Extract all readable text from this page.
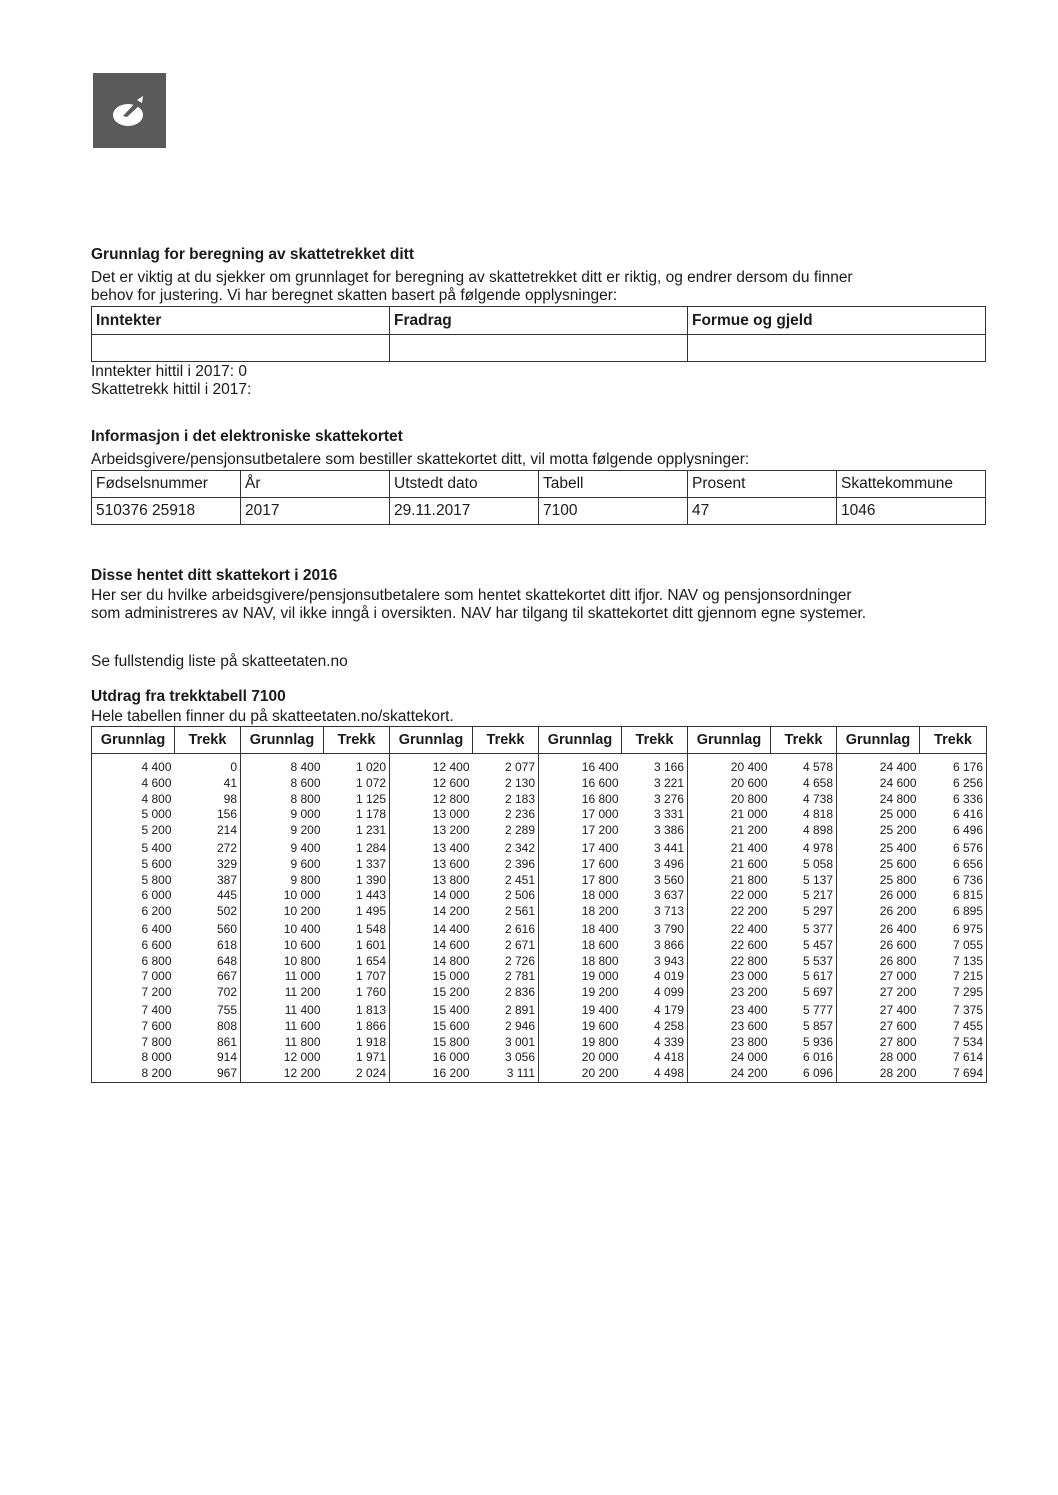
Grunnlag for beregning av skattetrekket ditt

Det er viktig at du sjekker om grunnlaget for beregning av skattetrekket ditt er riktig, og endrer dersom du finner

behov for justering. Vi har beregnet skatten basert på følgende opplysninger:

Inntekter	Fradrag	Formue og gjeld

Inntekter hittil i 2017: 0

Skattetrekk hittil i 2017:

Informasjon i det elektroniske skattekortet

Arbeidsgivere/pensjonsutbetalere som bestiller skattekortet ditt, vil motta følgende opplysninger:

Fødselsnummer	År	Utstedt dato	Tabell	Prosent	Skattekommune
510376 25918	2017	29.11.2017	7100	47	1046
Disse hentet ditt skattekort i 2016

Her ser du hvilke arbeidsgivere/pensjonsutbetalere som hentet skattekortet ditt ifjor. NAV og pensjonsordninger

som administreres av NAV, vil ikke inngå i oversikten. NAV har tilgang til skattekortet ditt gjennom egne systemer.

Se fullstendig liste på skatteetaten.no

Utdrag fra trekktabell 7100

Hele tabellen finner du på skatteetaten.no/skattekort.

Grunnlag	Trekk	Grunnlag	Trekk	Grunnlag	Trekk	Grunnlag	Trekk	Grunnlag	Trekk	Grunnlag	Trekk
4 400	0	8 400	1 020	12 400	2 077	16 400	3 166	20 400	4 578	24 400	6 176
4 600	41	8 600	1 072	12 600	2 130	16 600	3 221	20 600	4 658	24 600	6 256
4 800	98	8 800	1 125	12 800	2 183	16 800	3 276	20 800	4 738	24 800	6 336
5 000	156	9 000	1 178	13 000	2 236	17 000	3 331	21 000	4 818	25 000	6 416
5 200	214	9 200	1 231	13 200	2 289	17 200	3 386	21 200	4 898	25 200	6 496
5 400	272	9 400	1 284	13 400	2 342	17 400	3 441	21 400	4 978	25 400	6 576
5 600	329	9 600	1 337	13 600	2 396	17 600	3 496	21 600	5 058	25 600	6 656
5 800	387	9 800	1 390	13 800	2 451	17 800	3 560	21 800	5 137	25 800	6 736
6 000	445	10 000	1 443	14 000	2 506	18 000	3 637	22 000	5 217	26 000	6 815
6 200	502	10 200	1 495	14 200	2 561	18 200	3 713	22 200	5 297	26 200	6 895
6 400	560	10 400	1 548	14 400	2 616	18 400	3 790	22 400	5 377	26 400	6 975
6 600	618	10 600	1 601	14 600	2 671	18 600	3 866	22 600	5 457	26 600	7 055
6 800	648	10 800	1 654	14 800	2 726	18 800	3 943	22 800	5 537	26 800	7 135
7 000	667	11 000	1 707	15 000	2 781	19 000	4 019	23 000	5 617	27 000	7 215
7 200	702	11 200	1 760	15 200	2 836	19 200	4 099	23 200	5 697	27 200	7 295
7 400	755	11 400	1 813	15 400	2 891	19 400	4 179	23 400	5 777	27 400	7 375
7 600	808	11 600	1 866	15 600	2 946	19 600	4 258	23 600	5 857	27 600	7 455
7 800	861	11 800	1 918	15 800	3 001	19 800	4 339	23 800	5 936	27 800	7 534
8 000	914	12 000	1 971	16 000	3 056	20 000	4 418	24 000	6 016	28 000	7 614
8 200	967	12 200	2 024	16 200	3 111	20 200	4 498	24 200	6 096	28 200	7 694
